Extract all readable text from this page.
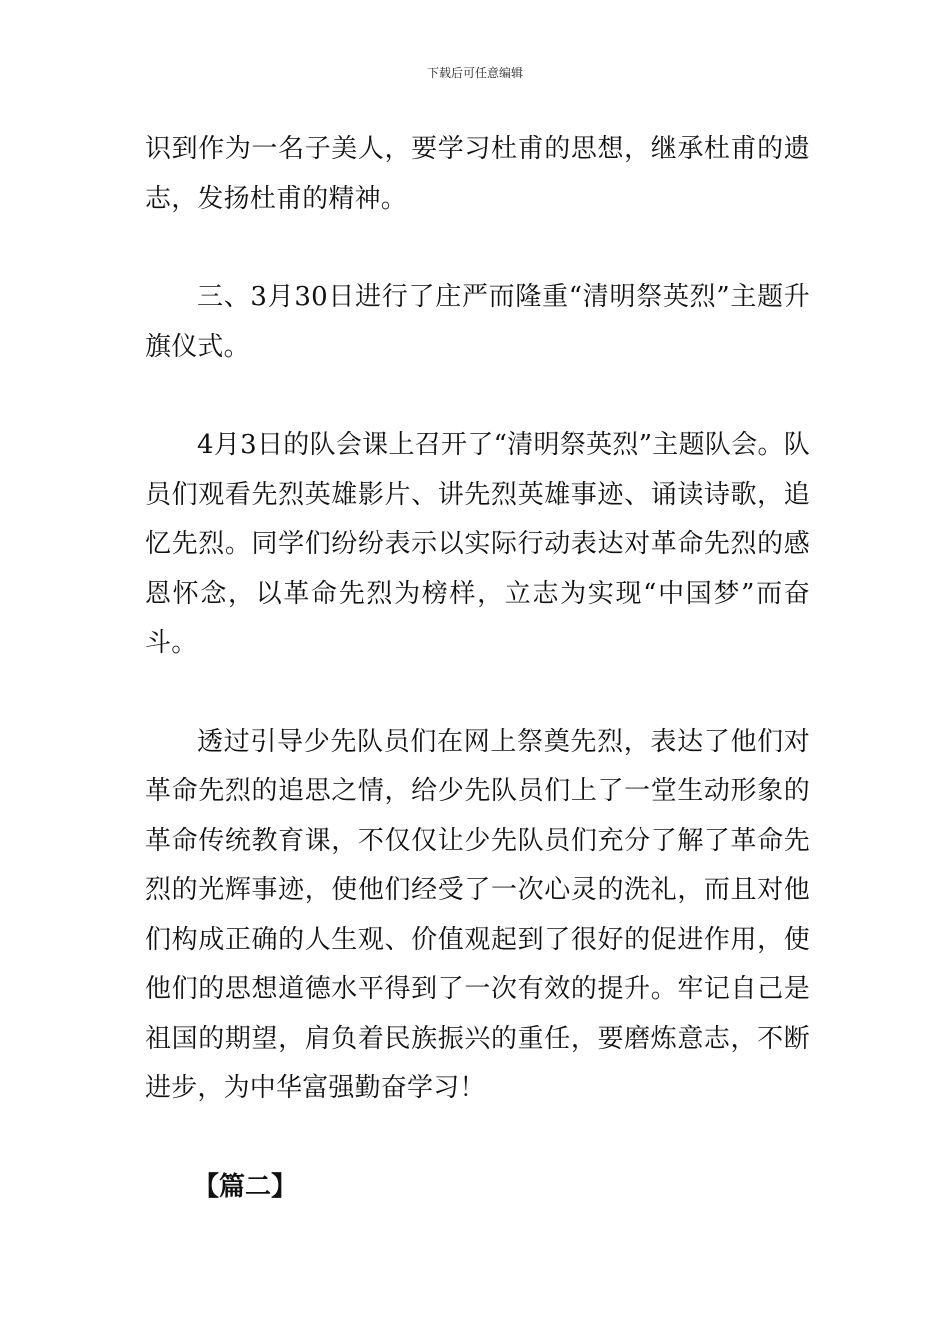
下载后可任意编辑

识到作为一名子美人，要学习杜甫的思想，继承杜甫的遗志，发扬杜甫的精神。

三、3月30日进行了庄严而隆重“清明祭英烈”主题升旗仪式。

4月3日的队会课上召开了“清明祭英烈”主题队会。队员们观看先烈英雄影片、讲先烈英雄事迹、诵读诗歌，追忆先烈。同学们纷纷表示以实际行动表达对革命先烈的感恩怀念，以革命先烈为榜样，立志为实现“中国梦”而奋斗。

透过引导少先队员们在网上祭奠先烈，表达了他们对革命先烈的追思之情，给少先队员们上了一堂生动形象的革命传统教育课，不仅仅让少先队员们充分了解了革命先烈的光辉事迹，使他们经受了一次心灵的洗礼，而且对他们构成正确的人生观、价值观起到了很好的促进作用，使他们的思想道德水平得到了一次有效的提升。牢记自己是祖国的期望，肩负着民族振兴的重任，要磨炼意志，不断进步，为中华富强勤奋学习！

【篇二】
